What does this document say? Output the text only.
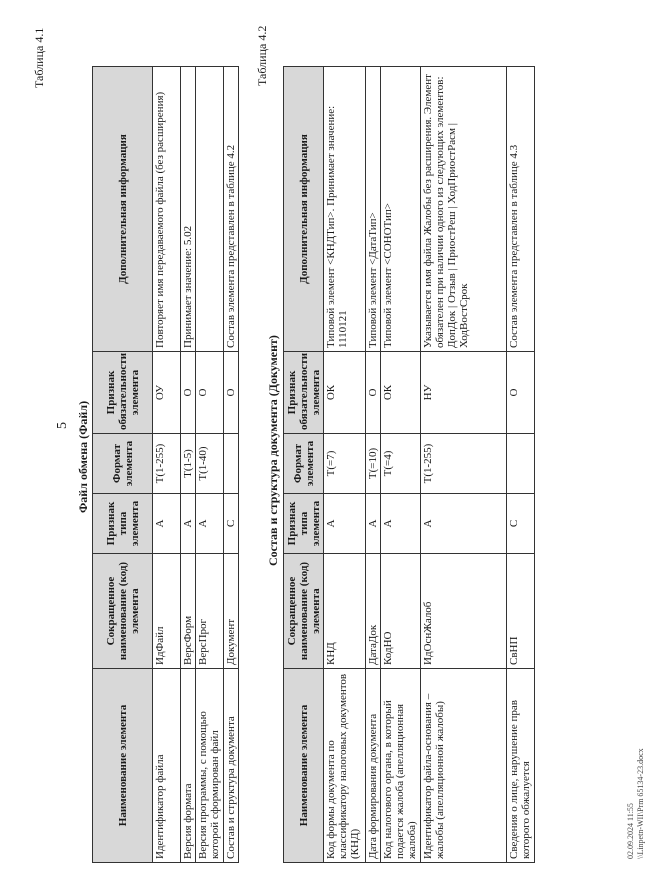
5
Таблица 4.1
Файл обмена (Файл)
Наименование элемента	Сокращенное наименование (код) элемента	Признак типа элемента	Формат элемента	Признак обязательности элемента	Дополнительная информация
Идентификатор файла	ИдФайл	А	T(1-255)	ОУ	Повторяет имя передаваемого файла (без расширения)
Версия формата	ВерсФорм	А	T(1-5)	О	Принимает значение: 5.02
Версия программы, с помощью которой сформирован файл	ВерсПрог	А	T(1-40)	О	
Состав и структура документа	Документ	С		О	Состав элемента представлен в таблице 4.2
Таблица 4.2
Состав и структура документа (Документ)
Наименование элемента	Сокращенное наименование (код) элемента	Признак типа элемента	Формат элемента	Признак обязательности элемента	Дополнительная информация
Код формы документа по классификатору налоговых документов (КНД)	КНД	А	T(=7)	ОК	Типовой элемент <КНДТип>. Принимает значение: 1110121
Дата формирования документа	ДатаДок	А	T(=10)	О	Типовой элемент <ДатаТип>
Код налогового органа, в который подается жалоба (апелляционная жалоба)	КодНО	А	T(=4)	ОК	Типовой элемент <СОНОТип>
Идентификатор файла-основания – жалобы (апелляционной жалобы)	ИдОснЖалоб	А	T(1-255)	НУ	Указывается имя файла Жалобы без расширения. Элемент обязателен при наличии одного из следующих элементов: ДопДок | Отзыв | ПриостРеш | ХодПриостРасм | ХодВостСрок
Сведения о лице, нарушение прав которого обжалуется	СвНП	С		О	Состав элемента представлен в таблице 4.3
02.09.2024 11:55 \\Linpetn-WII\Prm 65134-23.docx
